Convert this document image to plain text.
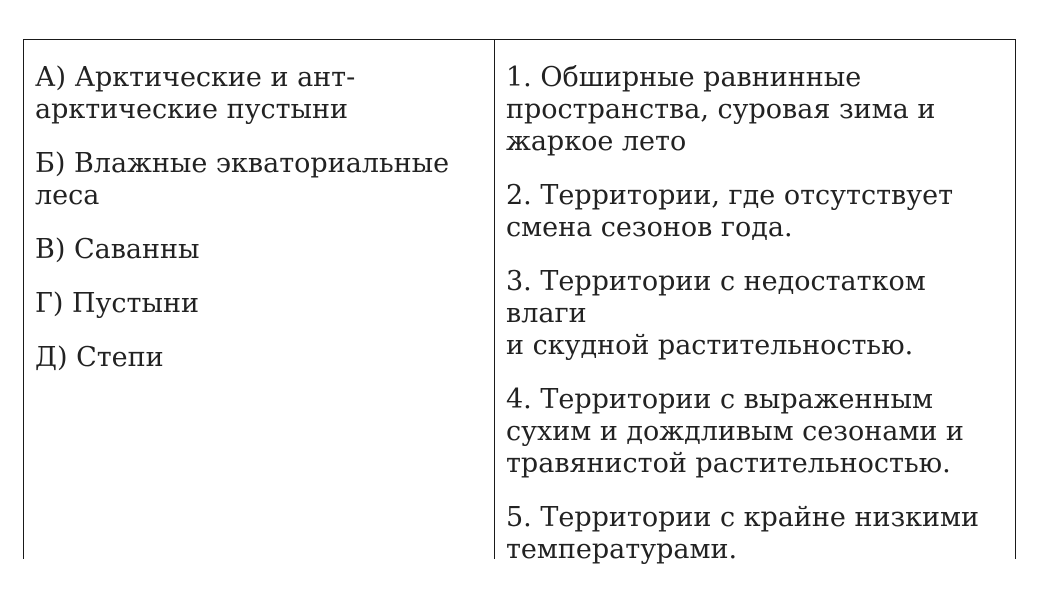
А) Арктические и ант-
арктические пустыни

Б) Влажные экваториальные
леса

В) Саванны

Г) Пустыни

Д) Степи

1. Обширные равнинные
пространства, суровая зима и
жаркое лето

2. Территории, где отсутствует
смена сезонов года.

3. Территории с недостатком влаги
и скудной растительностью.

4. Территории с выраженным
сухим и дождливым сезонами и
травянистой растительностью.

5. Территории с крайне низкими
температурами.
